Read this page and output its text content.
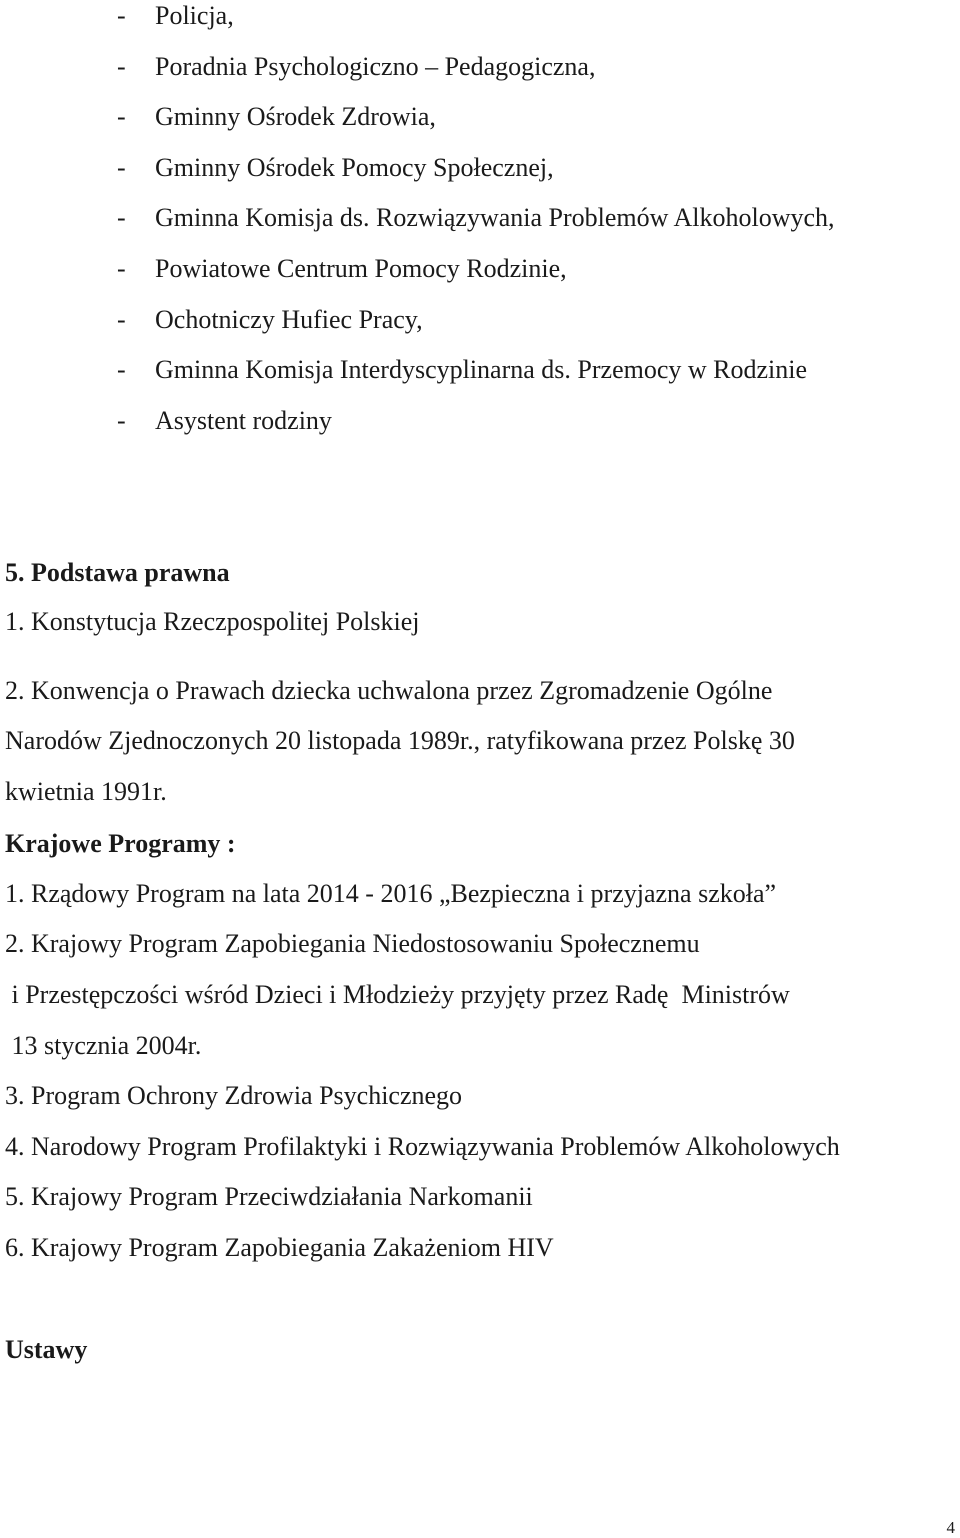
- Policja,
- Poradnia Psychologiczno – Pedagogiczna,
- Gminny Ośrodek Zdrowia,
- Gminny Ośrodek Pomocy Społecznej,
- Gminna Komisja ds. Rozwiązywania Problemów Alkoholowych,
- Powiatowe Centrum Pomocy Rodzinie,
- Ochotniczy Hufiec Pracy,
- Gminna Komisja Interdyscyplinarna ds. Przemocy w Rodzinie
- Asystent rodziny
5. Podstawa prawna
1. Konstytucja Rzeczpospolitej Polskiej
2. Konwencja o Prawach dziecka uchwalona przez Zgromadzenie Ogólne
Narodów Zjednoczonych 20 listopada 1989r., ratyfikowana przez Polskę 30
kwietnia 1991r.
Krajowe Programy :
1. Rządowy Program na lata 2014 - 2016 „Bezpieczna i przyjazna szkoła”
2. Krajowy Program Zapobiegania Niedostosowaniu Społecznemu
i Przestępczości wśród Dzieci i Młodzieży przyjęty przez Radę  Ministrów
13 stycznia 2004r.
3. Program Ochrony Zdrowia Psychicznego
4. Narodowy Program Profilaktyki i Rozwiązywania Problemów Alkoholowych
5. Krajowy Program Przeciwdziałania Narkomanii
6. Krajowy Program Zapobiegania Zakażeniom HIV
Ustawy
4
